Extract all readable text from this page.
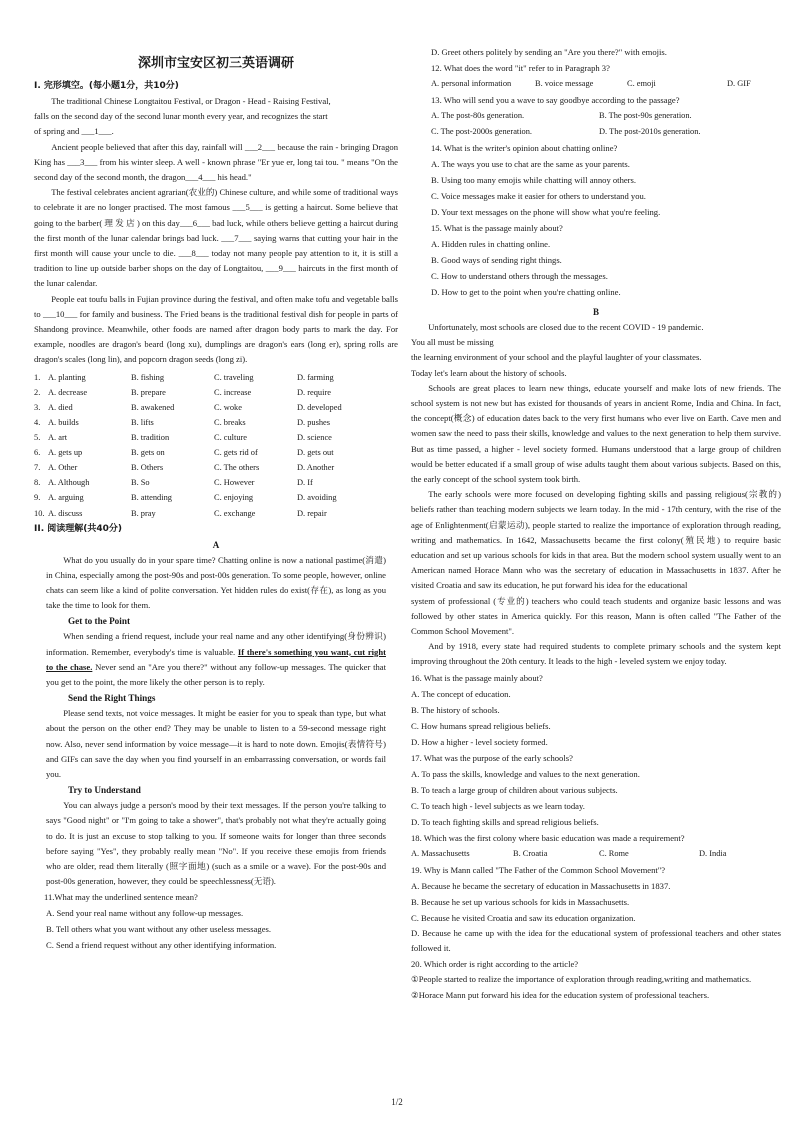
深圳市宝安区初三英语调研
I. 完形填空。(每小题1分，共10分)

The traditional Chinese Longtaitou Festival, or Dragon - Head - Raising Festival,

falls on the second day of the second lunar month every year, and recognizes the start

of spring and ___1___.

Ancient people believed that after this day, rainfall will ___2___ because the rain - bringing Dragon King has ___3___ from his winter sleep. A well - known phrase "Er yue er, long tai tou. " means "On the second day of the second month, the dragon___4___ his head."

The festival celebrates ancient agrarian(农业的) Chinese culture, and while some of traditional ways to celebrate it are no longer practised. The most famous ___5___ is getting a haircut. Some believe that going to the barber( 理 发 店 ) on this day___6___ bad luck, while others believe getting a haircut during the first month of the lunar calendar brings bad luck. ___7___ saying warns that cutting your hair in the first month will cause your uncle to die. ___8___ today not many people pay attention to it, it is still a tradition to line up outside barber shops on the day of Longtaitou, ___9___ haircuts in the first month of the lunar calendar.

People eat toufu balls in Fujian province during the festival, and often make tofu and vegetable balls to ___10___ for family and business. The Fried beans is the traditional festival dish for people in parts of Shandong province. Meanwhile, other foods are named after dragon body parts to mark the day. For example, noodles are dragon's beard (long xu), dumplings are dragon's ears (long er), spring rolls are dragon's scales (long lin), and popcorn dragon seeds (long zi).

1. A. planting	B. fishing	C. traveling	D. farming
2. A. decrease	B. prepare	C. increase	D. require
3. A. died	B. awakened	C. woke	D. developed
4. A. builds	B. lifts	C. breaks	D. pushes
5. A. art	B. tradition	C. culture	D. science
6. A. gets up	B. gets on	C. gets rid of	D. gets out
7. A. Other	B. Others	C. The others	D. Another
8. A. Although	B. So	C. However	D. If
9. A. arguing	B. attending	C. enjoying	D. avoiding
10. A. discuss	B. pray	C. exchange	D. repair
II. 阅读理解(共40分)
A

What do you usually do in your spare time? Chatting online is now a national pastime(消遣) in China, especially among the post-90s and post-00s generation. To some people, however, online chats can seem like a kind of polite conversation. Yet hidden rules do exist(存在), as long as you take the time to look for them.

Get to the Point

When sending a friend request, include your real name and any other identifying(身份辨识) information. Remember, everybody's time is valuable. If there's something you want, cut right to the chase. Never send an "Are you there?" without any follow-up messages. The quicker that you get to the point, the more likely the other person is to reply.

Send the Right Things

Please send texts, not voice messages. It might be easier for you to speak than type, but what about the person on the other end? They may be unable to listen to a 59-second message right now. Also, never send information by voice message—it is hard to note down. Emojis(表情符号) and GIFs can save the day when you find yourself in an embarrassing conversation, or words fail you.

Try to Understand

You can always judge a person's mood by their text messages. If the person you're talking to says "Good night" or "I'm going to take a shower", that's probably not what they're actually going to do. It is just an excuse to stop talking to you. If someone waits for longer than three seconds before saying "Yes", they probably really mean "No". If you receive these emojis from friends who are older, read them literally (照字面地) (such as a smile or a wave). For the post-90s and post-00s generation, however, they could be speechlessness(无语).

11.What may the underlined sentence mean?

A. Send your real name without any follow-up messages.

B. Tell others what you want without any other useless messages.

C. Send a friend request without any other identifying information.

D. Greet others politely by sending an "Are you there?" with emojis.

12. What does the word "it" refer to in Paragraph 3?

A. personal information	B. voice message	C. emoji	D. GIF

13. Who will send you a wave to say goodbye according to the passage?

A. The post-80s generation.	B. The post-90s generation.
C. The post-2000s generation.	D. The post-2010s generation.

14. What is the writer's opinion about chatting online?

A. The ways you use to chat are the same as your parents.

B. Using too many emojis while chatting will annoy others.

C. Voice messages make it easier for others to understand you.

D. Your text messages on the phone will show what you're feeling.

15. What is the passage mainly about?

A. Hidden rules in chatting online.

B. Good ways of sending right things.

C. How to understand others through the messages.

D. How to get to the point when you're chatting online.

B

Unfortunately, most schools are closed due to the recent COVID - 19 pandemic.

You all must be missing

the learning environment of your school and the playful laughter of your classmates.

Today let's learn about the history of schools.

Schools are great places to learn new things, educate yourself and make lots of new friends. The school system is not new but has existed for thousands of years in ancient Rome, India and China. In fact, the concept(概念) of education dates back to the very first humans who ever live on Earth. Cave men and women saw the need to pass their skills, knowledge and values to the next generation to help them survive. But as time passed, a higher - level society formed. Humans understood that a large group of children would be better educated if a small group of wise adults taught them about various subjects. Based on this, the early concept of the school system took birth.

The early schools were more focused on developing fighting skills and passing religious(宗教的) beliefs rather than teaching modern subjects we learn today. In the mid - 17th century, with the rise of the age of Enlightenment(启蒙运动), people started to realize the importance of exploration through reading, writing and mathematics. In 1642, Massachusetts became the first colony(殖民地) to require basic education and set up various schools for kids in that area. But the modern school system usually went to an American named Horace Mann who was the secretary of education in Massachusetts in 1837. After he visited Croatia and saw its education, he put forward his idea for the educational

system of professional (专业的) teachers who could teach students and organize basic lessons and was followed by other states in America quickly. For this reason, Mann is often called "The Father of the Common School Movement".

And by 1918, every state had required students to complete primary schools and the system kept improving throughout the 20th century. It leads to the high - leveled system we enjoy today.

16. What is the passage mainly about?

A. The concept of education.

B. The history of schools.

C. How humans spread religious beliefs.

D. How a higher - level society formed.

17. What was the purpose of the early schools?

A. To pass the skills, knowledge and values to the next generation.

B. To teach a large group of children about various subjects.

C. To teach high - level subjects as we learn today.

D. To teach fighting skills and spread religious beliefs.

18. Which was the first colony where basic education was made a requirement?

A. Massachusetts	B. Croatia	C. Rome	D. India

19. Why is Mann called "The Father of the Common School Movement"?

A. Because he became the secretary of education in Massachusetts in 1837.

B. Because he set up various schools for kids in Massachusetts.

C. Because he visited Croatia and saw its education organization.

D. Because he came up with the idea for the educational system of professional teachers and other states followed it.

20. Which order is right according to the article?

①People started to realize the importance of exploration through reading,writing and mathematics.

②Horace Mann put forward his idea for the education system of professional teachers.

1/2
